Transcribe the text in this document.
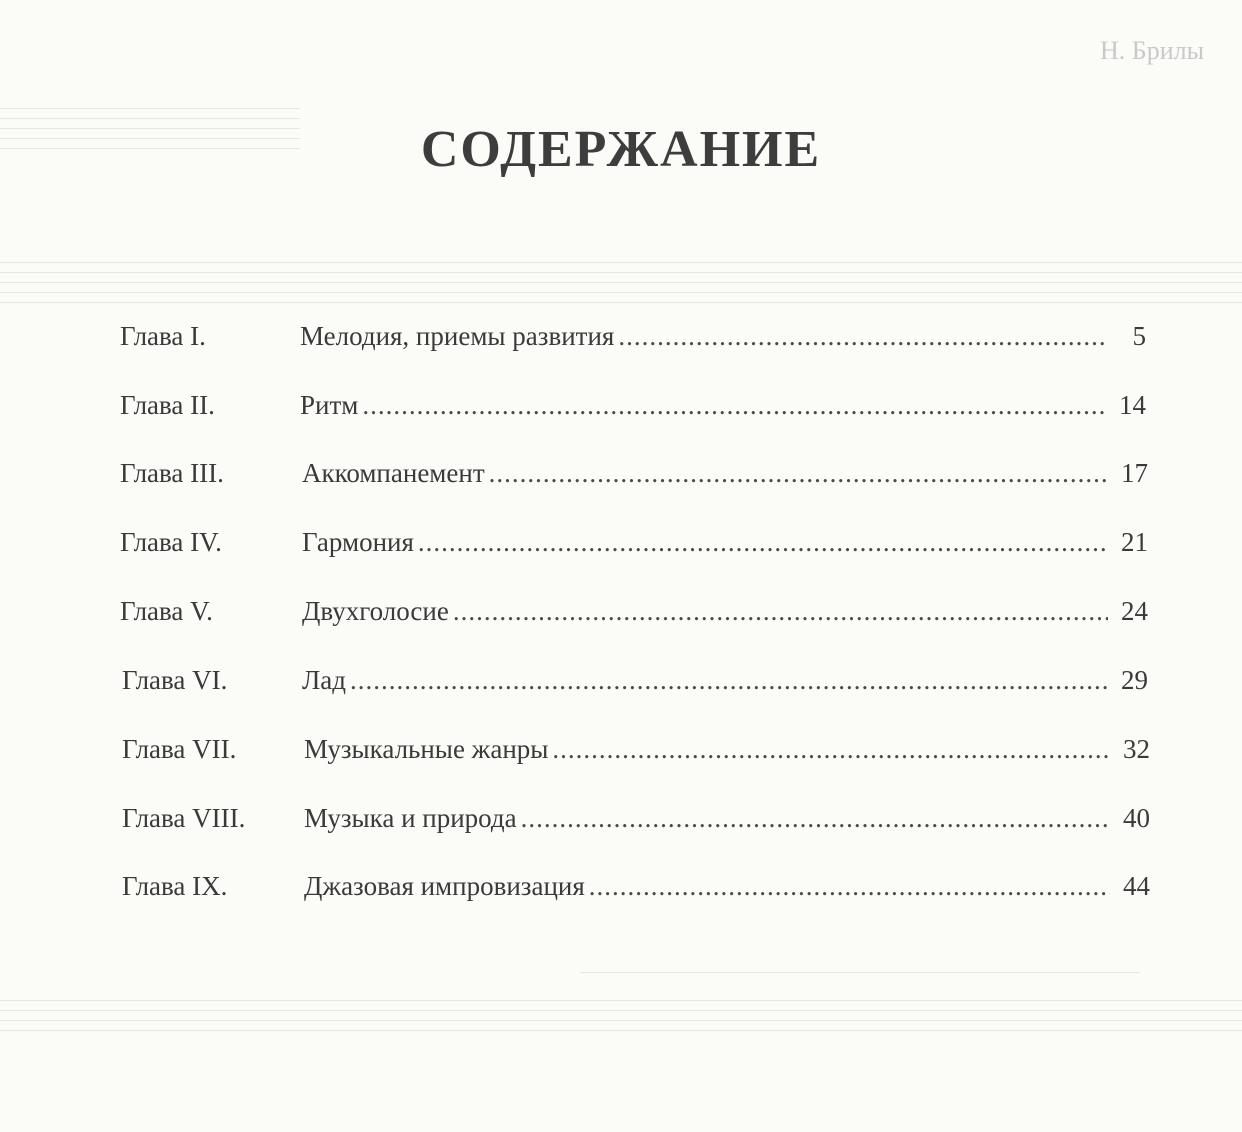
Н. Брилы
СОДЕРЖАНИЕ
Глава I.	Мелодия, приемы развития .....	5
Глава II.	Ритм .....	14
Глава III.	Аккомпанемент .....	17
Глава IV.	Гармония .....	21
Глава V.	Двухголосие .....	24
Глава VI.	Лад .....	29
Глава VII.	Музыкальные жанры .....	32
Глава VIII. Музыка и природа .....	40
Глава IX.	Джазовая импровизация .....	44
